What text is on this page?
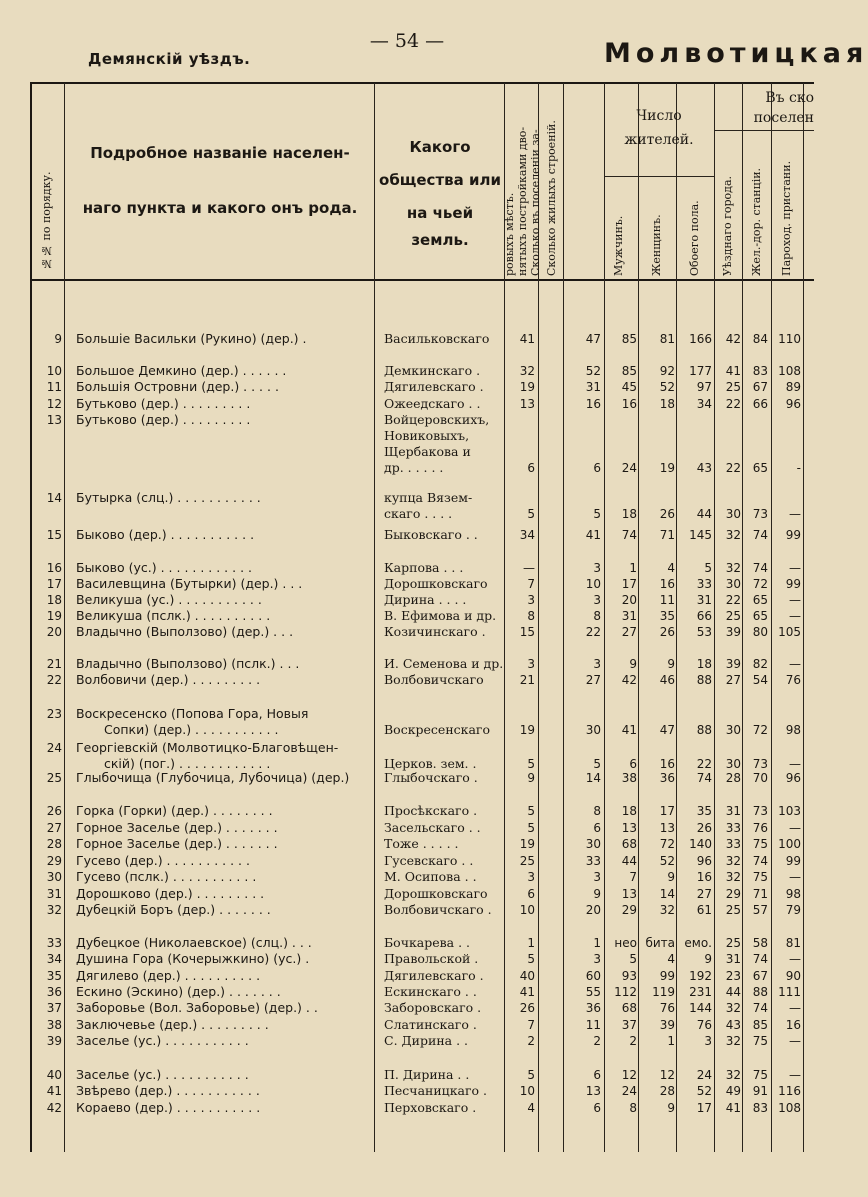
— 54 —
Демянскій уѣздъ.	Молвотицкая
№№ по порядку.
Подробное названіе населен-
наго пункта и какого онъ рода.
Какого
общества или
на чьей земль.	Сколько въ поселеніи за-
нятыхъ постройками дво-
ровыхъ мѣстъ.	Сколько жилыхъ строеній.
Число
жителей.
Мужчинъ. Женщинъ. Обоего пола.
Въ ско
поселен
Уѣзднаго города. Жел.-дор. станціи. Пароход. пристани.
9 Большіе Васильки (Рукино) (дер.) .	Васильковскаго	41	47	85	81	166	42 84 110
10 Большое Демкино (дер.) . . . . . .	Демкинскаго .	32	52	85	92	177	41 83 108
11 Большія Островни (дер.) . . . . .	Дягилевскаго .	19	31	45	52	97	25 67	89
12 Бутьково (дер.) . . . . . . . . .	Ожеедскаго . .	13	16	16	18	34	22 66	96
13 Бутьково (дер.) . . . . . . . . .	Войцеровскихъ,
Новиковыхъ,
Щербакова и
др. . . . . .	6	6	24	19	43	22 65	-
14 Бутырка (слц.) . . . . . . . . . . .	купца Вязем-
скаго . . . .	5	5	18	26	44	30 73	—
15 Быково (дер.) . . . . . . . . . . .	Быковскаго . .	34	41	74	71	145	32 74	99
16 Быково (ус.) . . . . . . . . . . . .	Карпова . . .	—	3	1	4	5	32 74	—
17 Василевщина (Бутырки) (дер.) . . .	Дорошковскаго	7	10	17	16	33	30 72	99
18 Великуша (ус.) . . . . . . . . . . .	Дирина . . . .	3	3	20	11	31	22 65	—
19 Великуша (пслк.) . . . . . . . . . .	В. Ефимова и др.	8	8	31	35	66	25 65	—
20 Владычно (Выползово) (дер.) . . .	Козичинскаго .	15	22	27	26	53	39 80 105
21 Владычно (Выползово) (пслк.) . . .	И. Семенова и др.	3	3	9	9	18	39 82	—
22 Волбовичи (дер.) . . . . . . . . .	Волбовичскаго	21	27	42	46	88	27 54	76
23 Воскресенско (Попова Гора, Новыя
Сопки) (дер.) . . . . . . . . . . .	Воскресенскаго	19	30	41	47	88	30 72	98
24 Георгіевскій (Молвотицко-Благовѣщен-
скій) (пог.) . . . . . . . . . . . .	Церков. зем. .	5	5	6	16	22	30 73	—
25 Глыбочища (Глубочица, Лубочица) (дер.)	Глыбочскаго .	9	14	38	36	74	28 70	96
26 Горка (Горки) (дер.) . . . . . . . .	Просѣкскаго .	5	8	18	17	35	31 73 103
27 Горное Заселье (дер.) . . . . . . .	Засельскаго . .	5	6	13	13	26	33 76	—
28 Горное Заселье (дер.) . . . . . . .	Тоже . . . . .	19	30	68	72	140	33 75 100
29 Гусево (дер.) . . . . . . . . . . .	Гусевскаго . .	25	33	44	52	96	32 74	99
30 Гусево (пслк.) . . . . . . . . . . .	М. Осипова . .	3	3	7	9	16	32 75	—
31 Дорошково (дер.) . . . . . . . . .	Дорошковскаго	6	9	13	14	27	29 71	98
32 Дубецкій Боръ (дер.) . . . . . . .	Волбовичскаго .	10	20	29	32	61	25 57	79
33 Дубецкое (Николаевское) (слц.) . . .	Бочкарева . .	1	1	нео бита емо.	25 58	81
34 Душина Гора (Кочерыжкино) (ус.) .	Правольской .	5	3	5	4	9	31 74	—
35 Дягилево (дер.) . . . . . . . . . .	Дягилевскаго .	40	60	93	99	192	23 67	90
36 Ескино (Эскино) (дер.) . . . . . . .	Ескинскаго . .	41	55	112	119	231	44 88 111
37 Заборовье (Вол. Заборовье) (дер.) . .	Заборовскаго .	26	36	68	76	144	32 74	—
38 Заключевье (дер.) . . . . . . . . .	Слатинскаго .	7	11	37	39	76	43 85	16
39 Заселье (ус.) . . . . . . . . . . .	С. Дирина . .	2	2	2	1	3	32 75	—
40 Заселье (ус.) . . . . . . . . . . .	П. Дирина . .	5	6	12	12	24	32 75	—
41 Звѣрево (дер.) . . . . . . . . . . .	Песчаницкаго .	10	13	24	28	52	49 91 116
42 Кораево (дер.) . . . . . . . . . . .	Перховскаго .	4	6	8	9	17	41 83 108
